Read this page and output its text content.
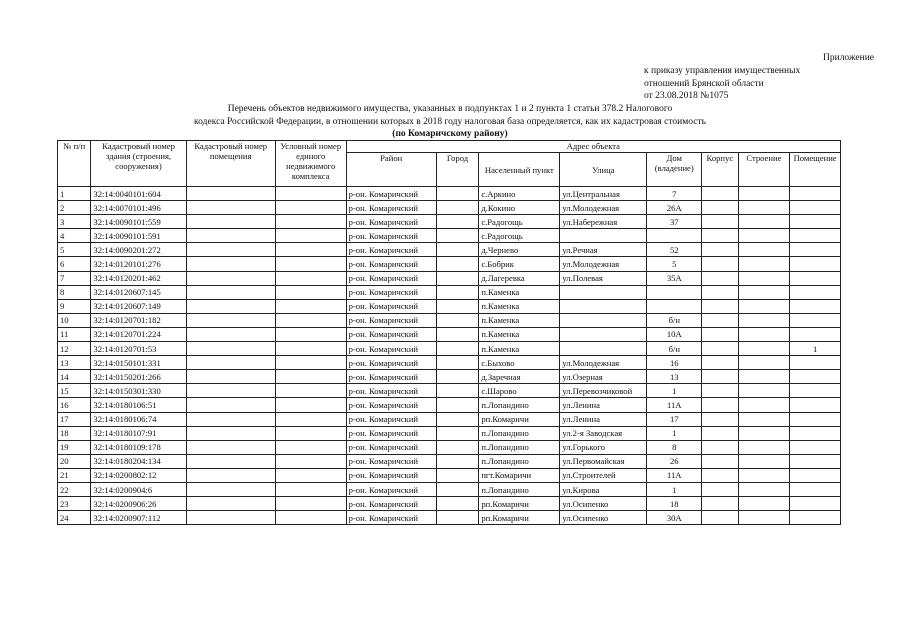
Приложение
к приказу управления имущественных
отношений Брянской области
от 23.08.2018 №1075
Перечень объектов недвижимого имущества, указанных в подпунктах 1 и 2 пункта 1 статьи 378.2 Налогового
кодекса Российской Федерации, в отношении которых в 2018 году налоговая база определяется, как их кадастровая стоимость
(по Комаричскому району)
№ п/п	Кадастровый номер здания (строения, сооружения)	Кадастровый номер помещения	Условный номер единого недвижимого комплекса	Адрес объекта							
				Район	Город	Населенный пункт	Улица	Дом (владение)	Корпус	Строение	Помещение
1	32:14:0040101:604			р-он. Комаричский		с.Аркино	ул.Центральная	7			
2	32:14:0070101:496			р-он. Комаричский		д.Кокино	ул.Молодежная	26А			
3	32:14:0090101:559			р-он. Комаричский		с.Радогощь	ул.Набережная	37			
4	32:14:0090101:591			р-он. Комаричский		с.Радогощь					
5	32:14:0090201:272			р-он. Комаричский		д.Чернево	ул.Речная	52			
6	32:14:0120101:276			р-он. Комаричский		с.Бобрик	ул.Молодежная	5			
7	32:14:0120201:462			р-он. Комаричский		д.Лагеревка	ул.Полевая	35А			
8	32:14:0120607:145			р-он. Комаричский		п.Каменка					
9	32:14:0120607:149			р-он. Комаричский		п.Каменка					
10	32:14:0120701:182			р-он. Комаричский		п.Каменка		б/н			
11	32:14:0120701:224			р-он. Комаричский		п.Каменка		10А			
12	32:14:0120701:53			р-он. Комаричский		п.Каменка		б/н			1
13	32:14:0150101:331			р-он. Комаричский		с.Быхово	ул.Молодежная	16			
14	32:14:0150201:266			р-он. Комаричский		д.Заречная	ул.Озерная	13			
15	32:14:0150301:330			р-он. Комаричский		с.Шарово	ул.Перевозчиковой	1			
16	32:14:0180106:51			р-он. Комаричский		п.Лопандино	ул.Ленина	11А			
17	32:14:0180106:74			р-он. Комаричский		рп.Комаричи	ул.Ленина	17			
18	32:14:0180107:91			р-он. Комаричский		п.Лопандино	ул.2-я Заводская	1			
19	32:14:0180109:178			р-он. Комаричский		п.Лопандино	ул.Горького	8			
20	32:14:0180204:134			р-он. Комаричский		п.Лопандино	ул.Первомайская	26			
21	32:14:0200802:12			р-он. Комаричский		пгт.Комаричи	ул.Строителей	11А			
22	32:14:0200904:6			р-он. Комаричский		п.Лопандино	ул.Кирова	1			
23	32:14:0200906:26			р-он. Комаричский		рп.Комаричи	ул.Осипенко	18			
24	32:14:0200907:112			р-он. Комаричский		рп.Комаричи	ул.Осипенко	30А			
